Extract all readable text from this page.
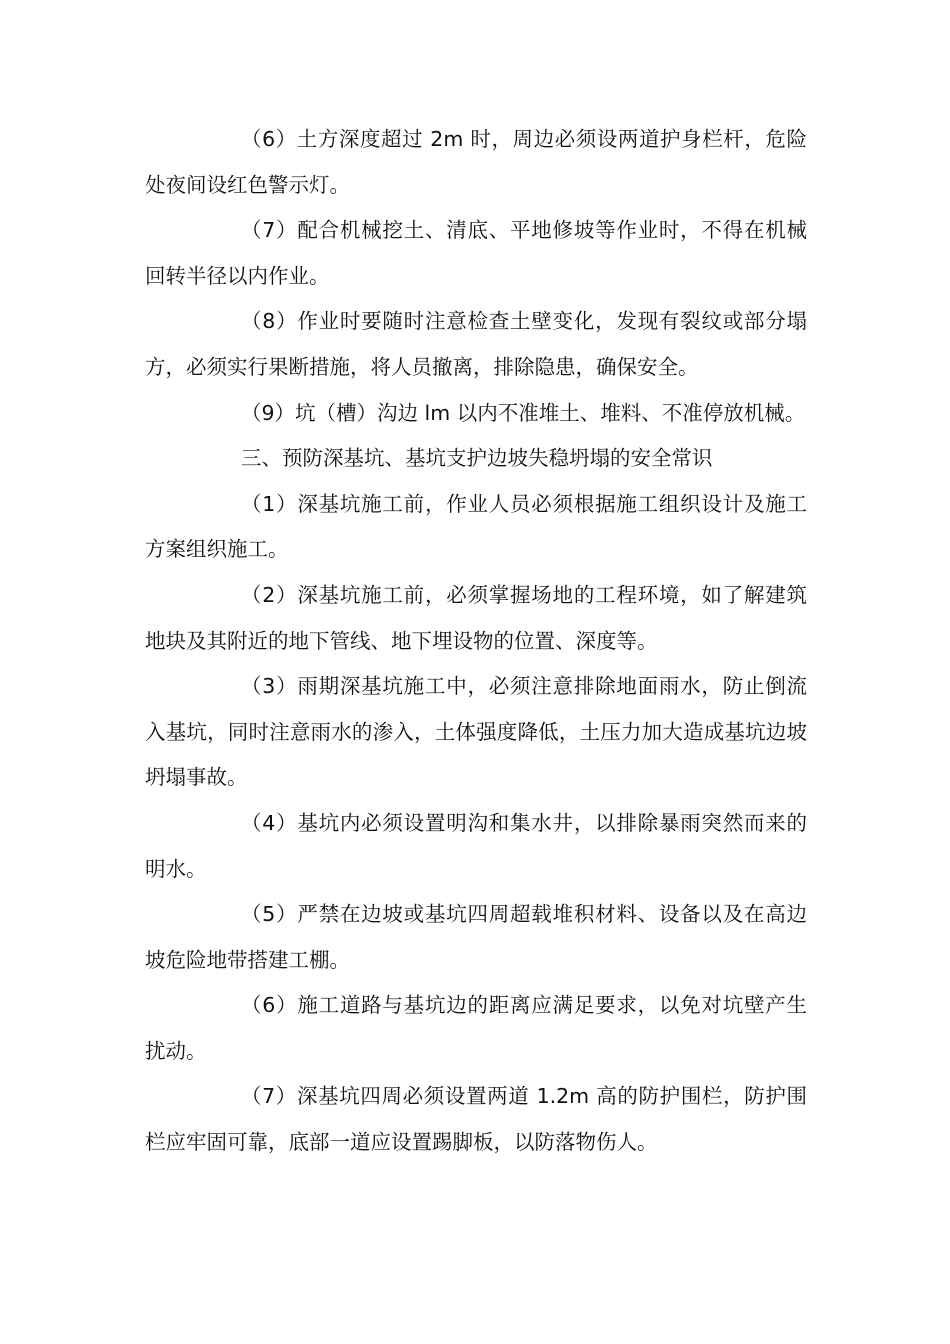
（6）土方深度超过 2m 时，周边必须设两道护身栏杆，危险处夜间设红色警示灯。

（7）配合机械挖土、清底、平地修坡等作业时，不得在机械回转半径以内作业。

（8）作业时要随时注意检查土壁变化，发现有裂纹或部分塌方，必须实行果断措施，将人员撤离，排除隐患，确保安全。

（9）坑（槽）沟边 lm 以内不准堆土、堆料、不准停放机械。

三、预防深基坑、基坑支护边坡失稳坍塌的安全常识

（1）深基坑施工前，作业人员必须根据施工组织设计及施工方案组织施工。

（2）深基坑施工前，必须掌握场地的工程环境，如了解建筑地块及其附近的地下管线、地下埋设物的位置、深度等。

（3）雨期深基坑施工中，必须注意排除地面雨水，防止倒流入基坑，同时注意雨水的渗入，土体强度降低，土压力加大造成基坑边坡坍塌事故。

（4）基坑内必须设置明沟和集水井，以排除暴雨突然而来的明水。

（5）严禁在边坡或基坑四周超载堆积材料、设备以及在高边坡危险地带搭建工棚。

（6）施工道路与基坑边的距离应满足要求，以免对坑壁产生扰动。

（7）深基坑四周必须设置两道 1.2m 高的防护围栏，防护围栏应牢固可靠，底部一道应设置踢脚板，以防落物伤人。
